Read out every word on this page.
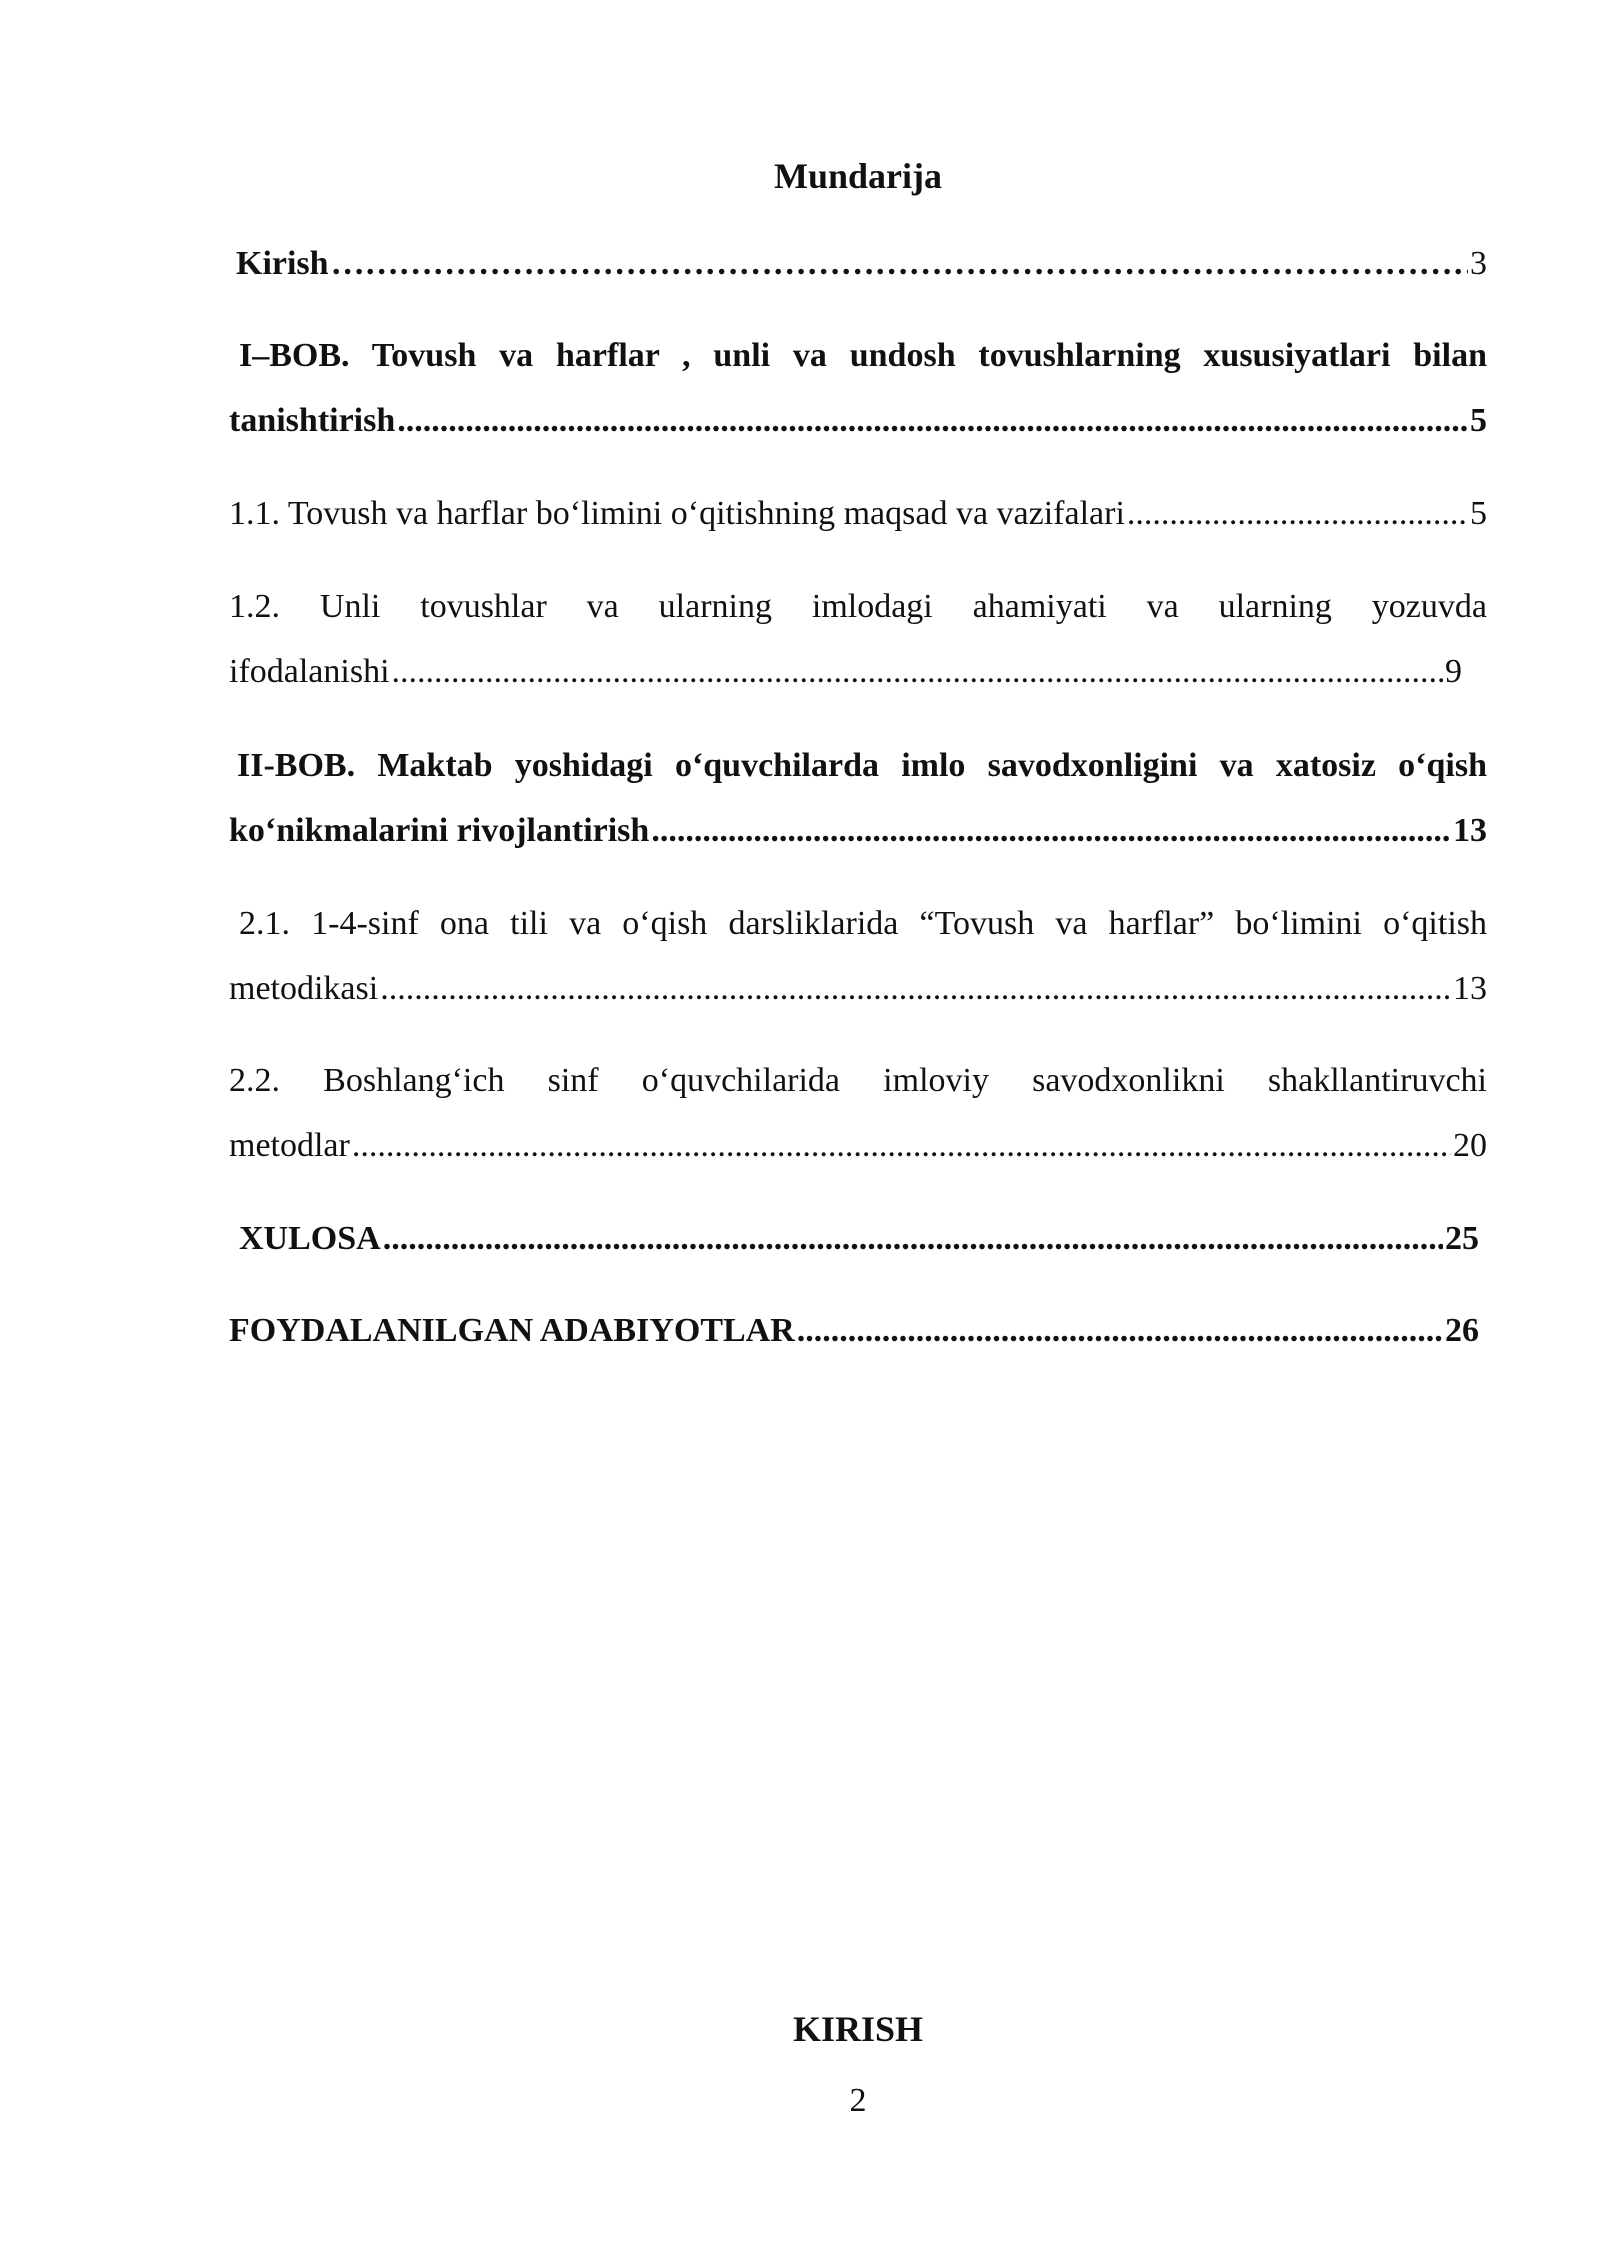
Mundarija
Kirish …………………………………………………………………………………………………………………………………………………	3
I–BOB. Tovush va harflar , unli va undosh tovushlarning xususiyatlari bilan
tanishtirish .....	5
1.1. Tovush va harflar bo‘limini o‘qitishning maqsad va vazifalari .....	5
1.2. Unli tovushlar va ularning imlodagi ahamiyati va ularning yozuvda
ifodalanishi .....	9
II-BOB. Maktab yoshidagi o‘quvchilarda imlo savodxonligini va xatosiz o‘qish
ko‘nikmalarini rivojlantirish .....	13
2.1. 1-4-sinf ona tili va o‘qish darsliklarida “Tovush va harflar” bo‘limini o‘qitish
metodikasi .....	13
2.2. Boshlang‘ich sinf o‘quvchilarida imloviy savodxonlikni shakllantiruvchi
metodlar .....	20
XULOSA .....	25
FOYDALANILGAN ADABIYOTLAR .....	26
KIRISH
2
